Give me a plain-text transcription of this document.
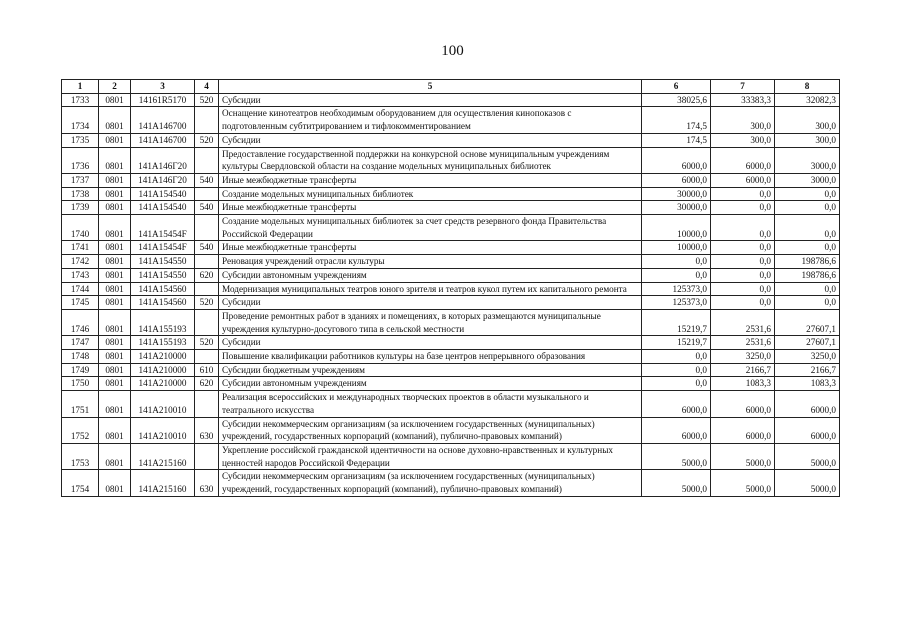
100
1	2	3	4	5	6	7	8
1733	0801	14161R5170	520	Субсидии	38025,6	33383,3	32082,3
1734	0801	141A146700		Оснащение кинотеатров необходимым оборудованием для осуществления кинопоказов с подготовленным субтитрированием и тифлокомментированием	174,5	300,0	300,0
1735	0801	141A146700	520	Субсидии	174,5	300,0	300,0
1736	0801	141A146Г20		Предоставление государственной поддержки на конкурсной основе муниципальным учреждениям культуры Свердловской области на создание модельных муниципальных библиотек	6000,0	6000,0	3000,0
1737	0801	141A146Г20	540	Иные межбюджетные трансферты	6000,0	6000,0	3000,0
1738	0801	141A154540		Создание модельных муниципальных библиотек	30000,0	0,0	0,0
1739	0801	141A154540	540	Иные межбюджетные трансферты	30000,0	0,0	0,0
1740	0801	141A15454F		Создание модельных муниципальных библиотек за счет средств резервного фонда Правительства Российской Федерации	10000,0	0,0	0,0
1741	0801	141A15454F	540	Иные межбюджетные трансферты	10000,0	0,0	0,0
1742	0801	141A154550		Реновация учреждений отрасли культуры	0,0	0,0	198786,6
1743	0801	141A154550	620	Субсидии автономным учреждениям	0,0	0,0	198786,6
1744	0801	141A154560		Модернизация муниципальных театров юного зрителя и театров кукол путем их капитального ремонта	125373,0	0,0	0,0
1745	0801	141A154560	520	Субсидии	125373,0	0,0	0,0
1746	0801	141A155193		Проведение ремонтных работ в зданиях и помещениях, в которых размещаются муниципальные учреждения культурно-досугового типа в сельской местности	15219,7	2531,6	27607,1
1747	0801	141A155193	520	Субсидии	15219,7	2531,6	27607,1
1748	0801	141A210000		Повышение квалификации работников культуры на базе центров непрерывного образования	0,0	3250,0	3250,0
1749	0801	141A210000	610	Субсидии бюджетным учреждениям	0,0	2166,7	2166,7
1750	0801	141A210000	620	Субсидии автономным учреждениям	0,0	1083,3	1083,3
1751	0801	141A210010		Реализация всероссийских и международных творческих проектов в области музыкального и театрального искусства	6000,0	6000,0	6000,0
1752	0801	141A210010	630	Субсидии некоммерческим организациям (за исключением государственных (муниципальных) учреждений, государственных корпораций (компаний), публично-правовых компаний)	6000,0	6000,0	6000,0
1753	0801	141A215160		Укрепление российской гражданской идентичности на основе духовно-нравственных и культурных ценностей народов Российской Федерации	5000,0	5000,0	5000,0
1754	0801	141A215160	630	Субсидии некоммерческим организациям (за исключением государственных (муниципальных) учреждений, государственных корпораций (компаний), публично-правовых компаний)	5000,0	5000,0	5000,0
